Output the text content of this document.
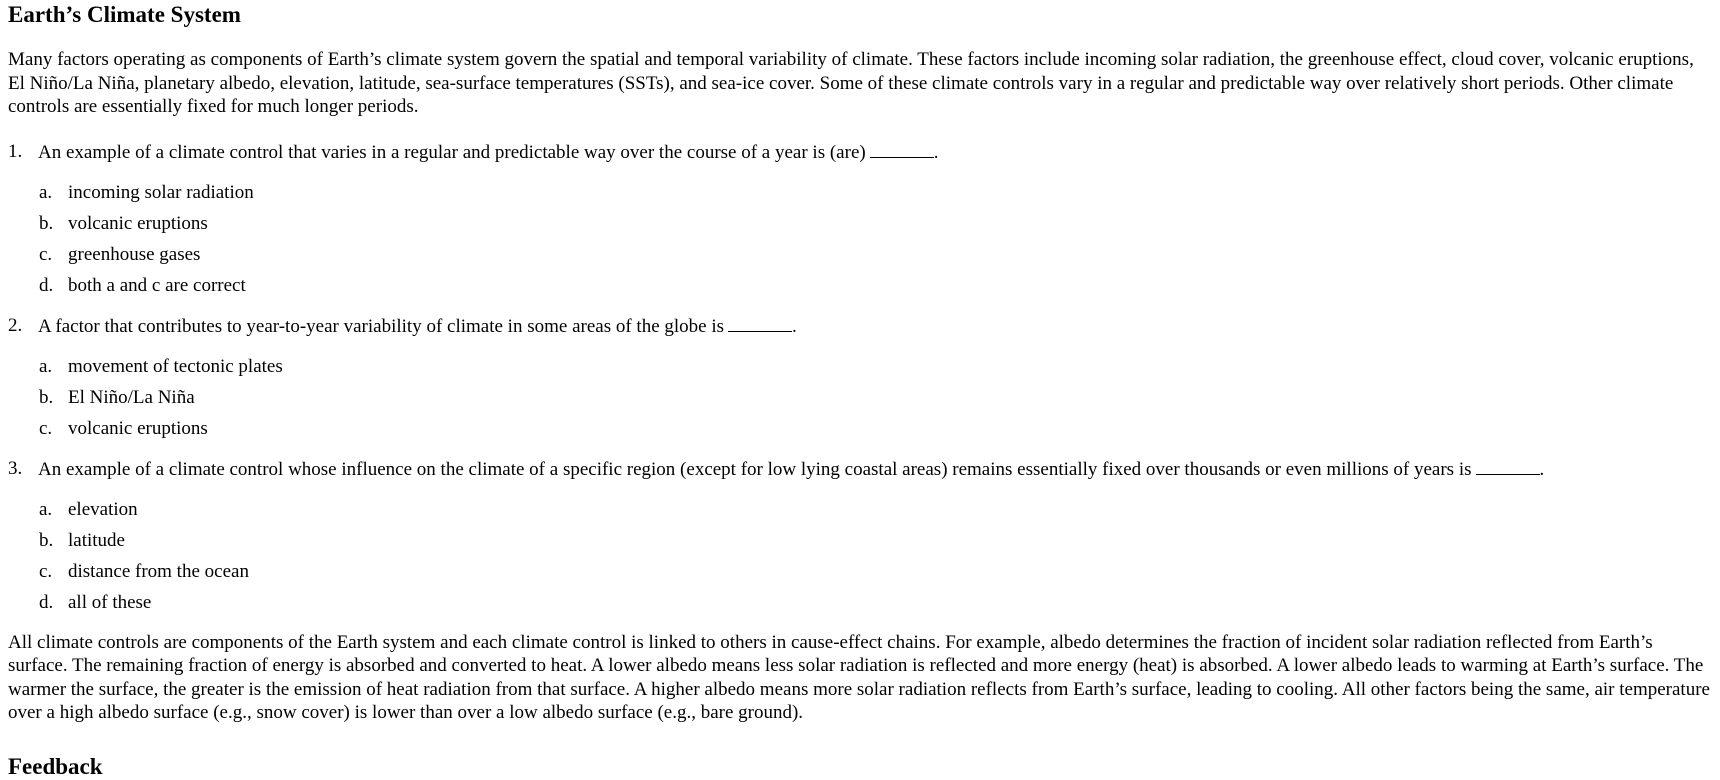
Earth’s Climate System

Many factors operating as components of Earth’s climate system govern the spatial and temporal variability of climate. These factors include incoming solar radiation, the greenhouse effect, cloud cover, volcanic eruptions, El Niño/La Niña, planetary albedo, elevation, latitude, sea-surface temperatures (SSTs), and sea-ice cover. Some of these climate controls vary in a regular and predictable way over relatively short periods. Other climate controls are essentially fixed for much longer periods.

1. An example of a climate control that varies in a regular and predictable way over the course of a year is (are)	.
a. incoming solar radiation
b. volcanic eruptions
c. greenhouse gases
d. both a and c are correct
2. A factor that contributes to year-to-year variability of climate in some areas of the globe is	.
a. movement of tectonic plates
b. El Niño/La Niña
c. volcanic eruptions
3. An example of a climate control whose influence on the climate of a specific region (except for low lying coastal areas) remains essentially fixed over thousands or even millions of years is	.
a. elevation
b. latitude
c. distance from the ocean
d. all of these

All climate controls are components of the Earth system and each climate control is linked to others in cause-effect chains. For example, albedo determines the fraction of incident solar radiation reflected from Earth’s surface. The remaining fraction of energy is absorbed and converted to heat. A lower albedo means less solar radiation is reflected and more energy (heat) is absorbed. A lower albedo leads to warming at Earth’s surface. The warmer the surface, the greater is the emission of heat radiation from that surface. A higher albedo means more solar radiation reflects from Earth’s surface, leading to cooling. All other factors being the same, air temperature over a high albedo surface (e.g., snow cover) is lower than over a low albedo surface (e.g., bare ground).

Feedback
